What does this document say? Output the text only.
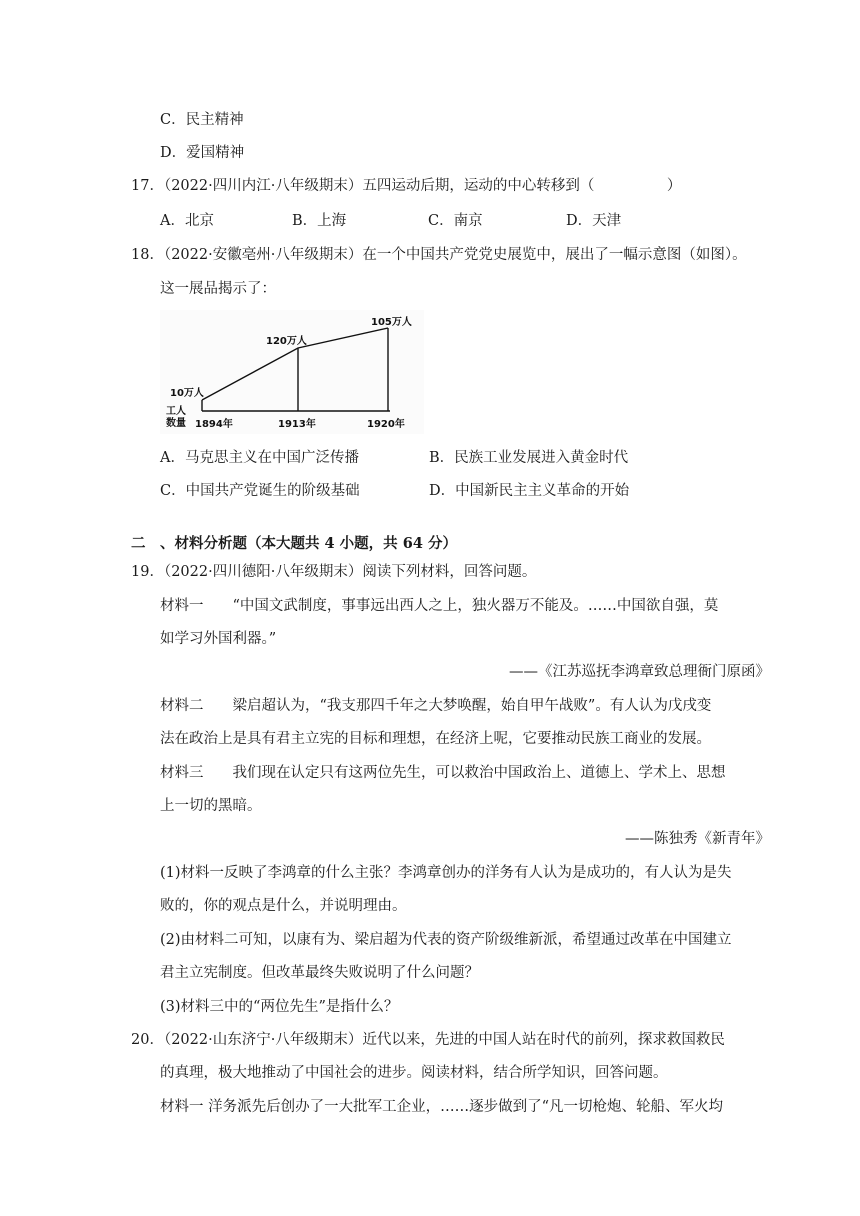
C．民主精神
D．爱国精神
17．（2022·四川内江·八年级期末）五四运动后期，运动的中心转移到（　　　　　）
A．北京	B．上海	C．南京	D．天津
18．（2022·安徽亳州·八年级期末）在一个中国共产党党史展览中，展出了一幅示意图（如图）。
这一展品揭示了：
10万人
120万人
105万人
工人
数量 1894年	1913年	1920年
A．马克思主义在中国广泛传播	B．民族工业发展进入黄金时代
C．中国共产党诞生的阶级基础	D．中国新民主主义革命的开始
二　、材料分析题（本大题共 4 小题，共 64 分）
19．（2022·四川德阳·八年级期末）阅读下列材料，回答问题。
材料一　　“中国文武制度，事事远出西人之上，独火器万不能及。……中国欲自强，莫
如学习外国利器。”
——《江苏巡抚李鸿章致总理衙门原函》
材料二　　梁启超认为，“我支那四千年之大梦唤醒，始自甲午战败”。有人认为戊戌变
法在政治上是具有君主立宪的目标和理想，在经济上呢，它要推动民族工商业的发展。
材料三　　我们现在认定只有这两位先生，可以救治中国政治上、道德上、学术上、思想
上一切的黑暗。
——陈独秀《新青年》
(1)材料一反映了李鸿章的什么主张？李鸿章创办的洋务有人认为是成功的，有人认为是失
败的，你的观点是什么，并说明理由。
(2)由材料二可知，以康有为、梁启超为代表的资产阶级维新派，希望通过改革在中国建立
君主立宪制度。但改革最终失败说明了什么问题？
(3)材料三中的“两位先生”是指什么？
20．（2022·山东济宁·八年级期末）近代以来，先进的中国人站在时代的前列，探求救国救民
的真理，极大地推动了中国社会的进步。阅读材料，结合所学知识，回答问题。
材料一 洋务派先后创办了一大批军工企业，……逐步做到了“凡一切枪炮、轮船、军火均
